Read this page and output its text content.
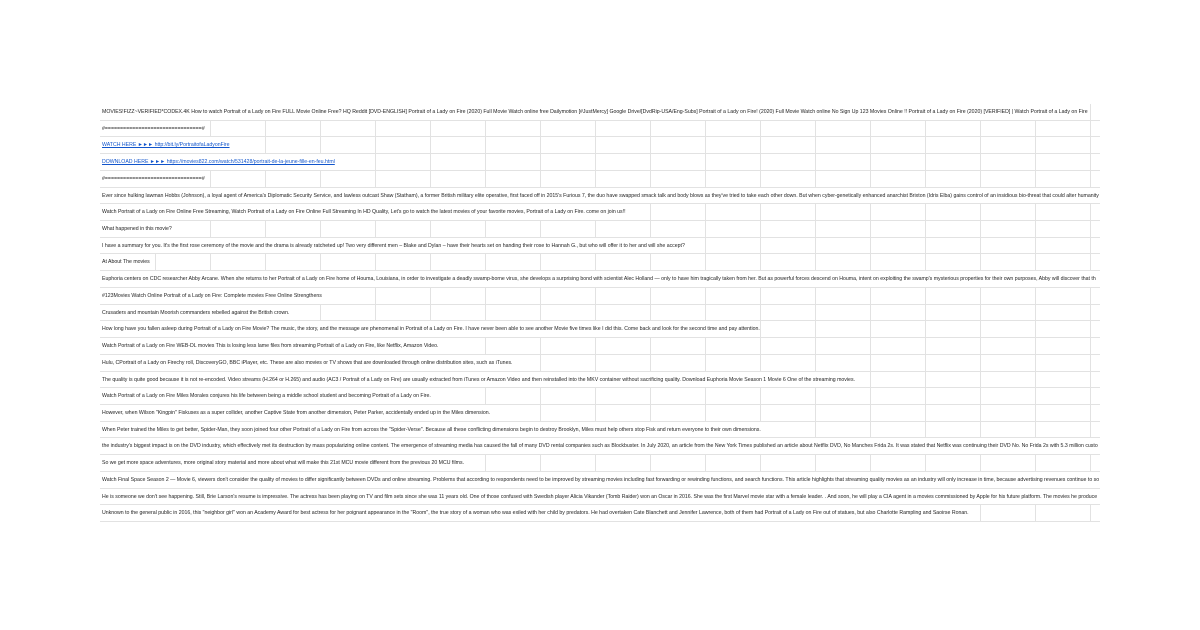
MOVIES!FIZZ~VERIFIED*CODEX.4K How to watch Portrait of a Lady on Fire FULL Movie Online Free? HQ Reddit [DVD-ENGLISH] Portrait of a Lady on Fire (2020) Full Movie Watch online free Dailymotion [#JustMercy] Google Drive/[DvdRip-USA/Eng-Subs] Portrait of a Lady on Fire! (2020) Full Movie Watch online No Sign Up 123 Movies Online !! Portrait of a Lady on Fire (2020) [VERIFIED] | Watch Portrait of a Lady on Fire
#================================#
WATCH HERE ►►► http://bit.ly/PortraitofaLadyonFire
DOWNLOAD HERE ►►► https://movies822.com/watch/531428/portrait-de-la-jeune-fille-en-feu.html
#================================#
Ever since hulking lawman Hobbs (Johnson), a loyal agent of America's Diplomatic Security Service, and lawless outcast Shaw (Statham), a former British military elite operative, first faced off in 2015's Furious 7, the duo have swapped smack talk and body blows as they've tried to take each other down. But when cyber-genetically enhanced anarchist Brixton (Idris Elba) gains control of an insidious bio-threat that could alter humanity
Watch Portrait of a Lady on Fire Online Free Streaming, Watch Portrait of a Lady on Fire Online Full Streaming In HD Quality, Let's go to watch the latest movies of your favorite movies, Portrait of a Lady on Fire. come on join us!!
What happened in this movie?
I have a summary for you. It's the first rose ceremony of the movie and the drama is already ratcheted up! Two very different men – Blake and Dylan – have their hearts set on handing their rose to Hannah G., but who will offer it to her and will she accept?
At About The movies
Euphoria centers on CDC researcher Abby Arcane. When she returns to her Portrait of a Lady on Fire home of Houma, Louisiana, in order to investigate a deadly swamp-borne virus, she develops a surprising bond with scientist Alec Holland — only to have him tragically taken from her. But as powerful forces descend on Houma, intent on exploiting the swamp's mysterious properties for their own purposes, Abby will discover that th
#123Movies Watch Online Portrait of a Lady on Fire: Complete movies Free Online Strengthens
Crusaders and mountain Moorish commanders rebelled against the British crown.
How long have you fallen asleep during Portrait of a Lady on Fire Movie? The music, the story, and the message are phenomenal in Portrait of a Lady on Fire. I have never been able to see another Movie five times like I did this. Come back and look for the second time and pay attention.
Watch Portrait of a Lady on Fire WEB-DL movies This is losing less lame files from streaming Portrait of a Lady on Fire, like Netflix, Amazon Video.
Hulu, CPortrait of a Lady on Firechy roll, DiscoveryGO, BBC iPlayer, etc. These are also movies or TV shows that are downloaded through online distribution sites, such as iTunes.
The quality is quite good because it is not re-encoded. Video streams (H.264 or H.265) and audio (AC3 / Portrait of a Lady on Fire) are usually extracted from iTunes or Amazon Video and then reinstalled into the MKV container without sacrificing quality. Download Euphoria Movie Season 1 Movie 6 One of the streaming movies.
Watch Portrait of a Lady on Fire Miles Morales conjures his life between being a middle school student and becoming Portrait of a Lady on Fire.
However, when Wilson "Kingpin" Fiskuses as a super collider, another Captive State from another dimension, Peter Parker, accidentally ended up in the Miles dimension.
When Peter trained the Miles to get better, Spider-Man, they soon joined four other Portrait of a Lady on Fire from across the "Spider-Verse". Because all these conflicting dimensions begin to destroy Brooklyn, Miles must help others stop Fisk and return everyone to their own dimensions.
the industry's biggest impact is on the DVD industry, which effectively met its destruction by mass popularizing online content. The emergence of streaming media has caused the fall of many DVD rental companies such as Blockbuster. In July 2020, an article from the New York Times published an article about Netflix DVD, No Manches Frida 2s. It was stated that Netflix was continuing their DVD No. No Frida 2s with 5.3 million custo
So we get more space adventures, more original story material and more about what will make this 21st MCU movie different from the previous 20 MCU films.
Watch Final Space Season 2 — Movie 6, viewers don't consider the quality of movies to differ significantly between DVDs and online streaming. Problems that according to respondents need to be improved by streaming movies including fast forwarding or rewinding functions, and search functions. This article highlights that streaming quality movies as an industry will only increase in time, because advertising revenues continue to so
He is someone we don't see happening. Still, Brie Larson's resume is impressive. The actress has been playing on TV and film sets since she was 11 years old. One of those confused with Swedish player Alicia Vikander (Tomb Raider) won an Oscar in 2016. She was the first Marvel movie star with a female leader. . And soon, he will play a CIA agent in a movies commissioned by Apple for his future platform. The movies he produce
Unknown to the general public in 2016, this "neighbor girl" won an Academy Award for best actress for her poignant appearance in the "Room", the true story of a woman who was exiled with her child by predators. He had overtaken Cate Blanchett and Jennifer Lawrence, both of them had Portrait of a Lady on Fire out of statues, but also Charlotte Rampling and Saoirse Ronan.
